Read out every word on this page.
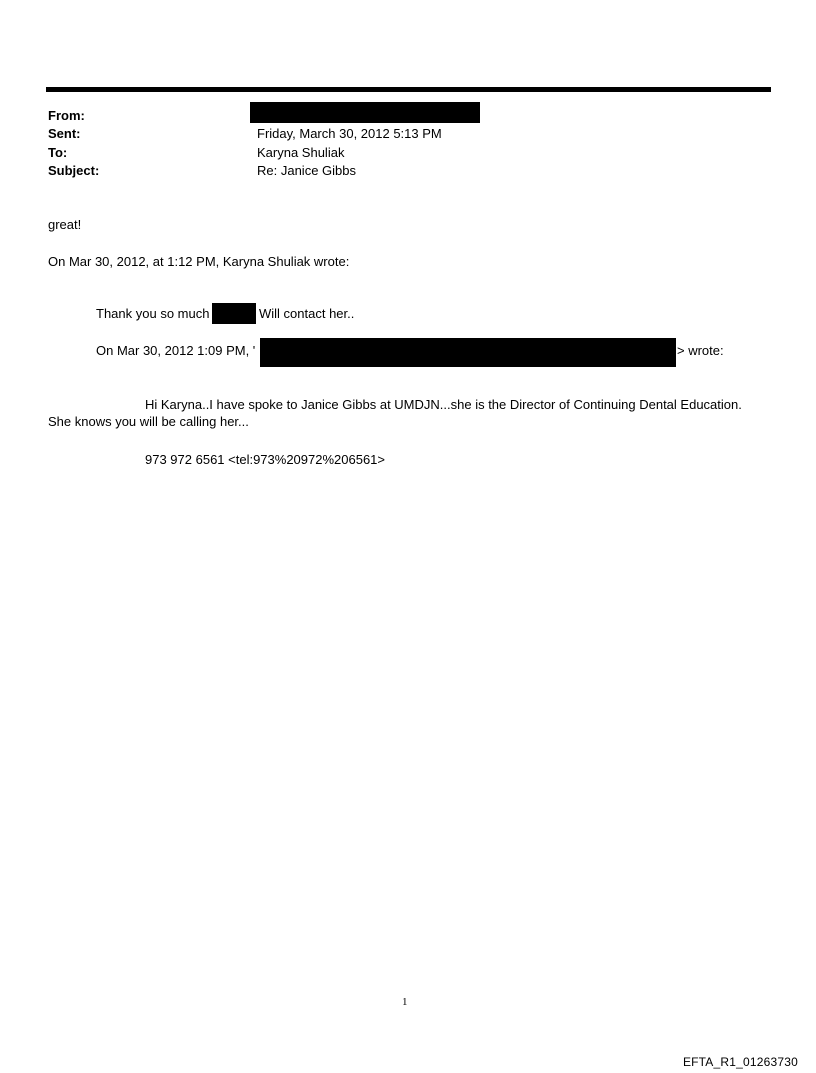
From:
Sent:	Friday, March 30, 2012 5:13 PM
To:	Karyna Shuliak
Subject:	Re: Janice Gibbs
great!
On Mar 30, 2012, at 1:12 PM, Karyna Shuliak wrote:
Thank you so much	Will contact her..
On Mar 30, 2012 1:09 PM, '	> wrote:
Hi Karyna..I have spoke to Janice Gibbs at UMDJN...she is the Director of Continuing Dental Education.
She knows you will be calling her...
973 972 6561 <tel:973%20972%206561>
1
EFTA_R1_01263730
